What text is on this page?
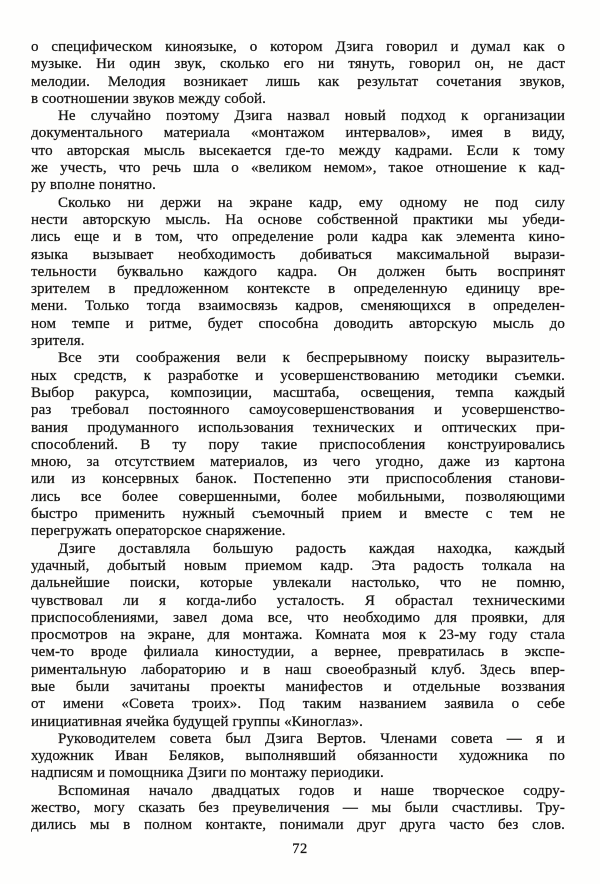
о специфическом киноязыке, о котором Дзига говорил и думал как о
музыке. Ни один звук, сколько его ни тянуть, говорил он, не даст
мелодии. Мелодия возникает лишь как результат сочетания звуков,
в соотношении звуков между собой.
Не случайно поэтому Дзига назвал новый подход к организации
документального материала «монтажом интервалов», имея в виду,
что авторская мысль высекается где-то между кадрами. Если к тому
же учесть, что речь шла о «великом немом», такое отношение к кад-
ру вполне понятно.
Сколько ни держи на экране кадр, ему одному не под силу
нести авторскую мысль. На основе собственной практики мы убеди-
лись еще и в том, что определение роли кадра как элемента кино-
языка вызывает необходимость добиваться максимальной вырази-
тельности буквально каждого кадра. Он должен быть воспринят
зрителем в предложенном контексте в определенную единицу вре-
мени. Только тогда взаимосвязь кадров, сменяющихся в определен-
ном темпе и ритме, будет способна доводить авторскую мысль до
зрителя.
Все эти соображения вели к беспрерывному поиску выразитель-
ных средств, к разработке и усовершенствованию методики съемки.
Выбор ракурса, композиции, масштаба, освещения, темпа каждый
раз требовал постоянного самоусовершенствования и усовершенство-
вания продуманного использования технических и оптических при-
способлений. В ту пору такие приспособления конструировались
мною, за отсутствием материалов, из чего угодно, даже из картона
или из консервных банок. Постепенно эти приспособления станови-
лись все более совершенными, более мобильными, позволяющими
быстро применить нужный съемочный прием и вместе с тем не
перегружать операторское снаряжение.
Дзиге доставляла большую радость каждая находка, каждый
удачный, добытый новым приемом кадр. Эта радость толкала на
дальнейшие поиски, которые увлекали настолько, что не помню,
чувствовал ли я когда-либо усталость. Я обрастал техническими
приспособлениями, завел дома все, что необходимо для проявки, для
просмотров на экране, для монтажа. Комната моя к 23-му году стала
чем-то вроде филиала киностудии, а вернее, превратилась в экспе-
риментальную лабораторию и в наш своеобразный клуб. Здесь впер-
вые были зачитаны проекты манифестов и отдельные воззвания
от имени «Совета троих». Под таким названием заявила о себе
инициативная ячейка будущей группы «Киноглаз».
Руководителем совета был Дзига Вертов. Членами совета — я и
художник Иван Беляков, выполнявший обязанности художника по
надписям и помощника Дзиги по монтажу периодики.
Вспоминая начало двадцатых годов и наше творческое содру-
жество, могу сказать без преувеличения — мы были счастливы. Тру-
дились мы в полном контакте, понимали друг друга часто без слов.
72
